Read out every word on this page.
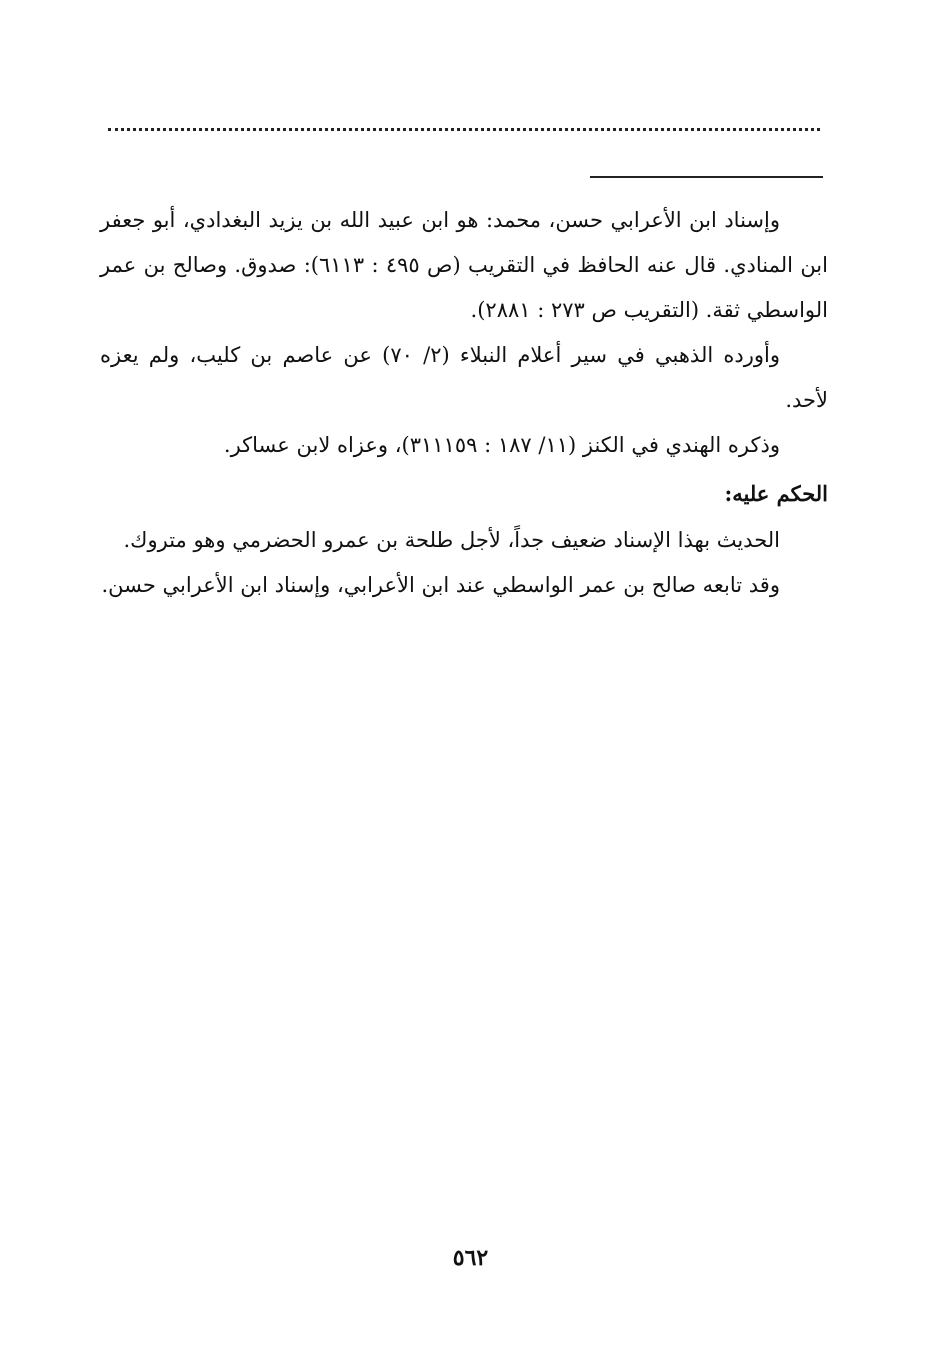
وإسناد ابن الأعرابي حسن، محمد: هو ابن عبيد الله بن يزيد البغدادي، أبو جعفر ابن المنادي. قال عنه الحافظ في التقريب (ص ٤٩٥ : ٦١١٣): صدوق. وصالح بن عمر الواسطي ثقة. (التقريب ص ٢٧٣ : ٢٨٨١).

وأورده الذهبي في سير أعلام النبلاء (٢/ ٧٠) عن عاصم بن كليب، ولم يعزه لأحد.

وذكره الهندي في الكنز (١١/ ١٨٧ : ٣١١١٥٩)، وعزاه لابن عساكر.

الحكم عليه:

الحديث بهذا الإسناد ضعيف جداً، لأجل طلحة بن عمرو الحضرمي وهو متروك.

وقد تابعه صالح بن عمر الواسطي عند ابن الأعرابي، وإسناد ابن الأعرابي حسن.

٥٦٢
